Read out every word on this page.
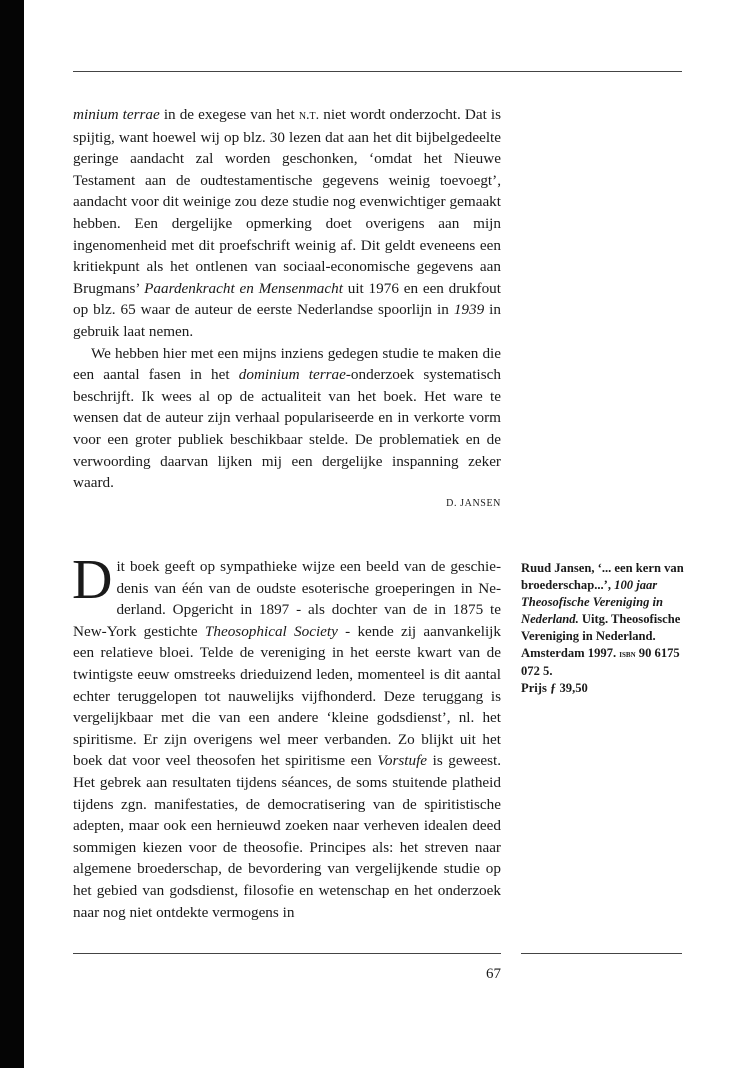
minium terrae in de exegese van het n.t. niet wordt onderzocht. Dat is spijtig, want hoewel wij op blz. 30 lezen dat aan het dit bijbelgedeelte geringe aandacht zal worden geschonken, ‘omdat het Nieuwe Testament aan de oudtestamentische gegevens weinig toevoegt’, aandacht voor dit weinige zou deze studie nog evenwichtiger gemaakt hebben. Een dergelijke opmerking doet overigens aan mijn ingenomenheid met dit proefschrift weinig af. Dit geldt eveneens een kritiekpunt als het ontlenen van sociaal-economische gegevens aan Brugmans’ Paardenkracht en Mensenmacht uit 1976 en een drukfout op blz. 65 waar de auteur de eerste Nederlandse spoorlijn in 1939 in gebruik laat nemen.

We hebben hier met een mijns inziens gedegen studie te maken die een aantal fasen in het dominium terrae-onderzoek systematisch beschrijft. Ik wees al op de actualiteit van het boek. Het ware te wensen dat de auteur zijn verhaal populariseerde en in verkorte vorm voor een groter publiek beschikbaar stelde. De problematiek en de verwoording daarvan lijken mij een dergelijke inspanning zeker waard.

D. JANSEN

Dit boek geeft op sympathieke wijze een beeld van de geschiedenis van één van de oudste esoterische groeperingen in Nederland. Opgericht in 1897 - als dochter van de in 1875 te New-York gestichte Theosophical Society - kende zij aanvankelijk een relatieve bloei. Telde de vereniging in het eerste kwart van de twintigste eeuw omstreeks drieduizend leden, momenteel is dit aantal echter teruggelopen tot nauwelijks vijfhonderd. Deze teruggang is vergelijkbaar met die van een andere ‘kleine godsdienst’, nl. het spiritisme. Er zijn overigens wel meer verbanden. Zo blijkt uit het boek dat voor veel theosofen het spiritisme een Vorstufe is geweest. Het gebrek aan resultaten tijdens séances, de soms stuitende platheid tijdens zgn. manifestaties, de democratisering van de spiritistische adepten, maar ook een hernieuwd zoeken naar verheven idealen deed sommigen kiezen voor de theosofie. Principes als: het streven naar algemene broederschap, de bevordering van vergelijkende studie op het gebied van godsdienst, filosofie en wetenschap en het onderzoek naar nog niet ontdekte vermogens in

Ruud Jansen, ‘... een kern van broederschap...’, 100 jaar Theosofische Vereniging in Nederland. Uitg. Theosofische Vereniging in Nederland. Amsterdam 1997. isbn 90 6175 072 5.
Prijs ƒ 39,50
67
